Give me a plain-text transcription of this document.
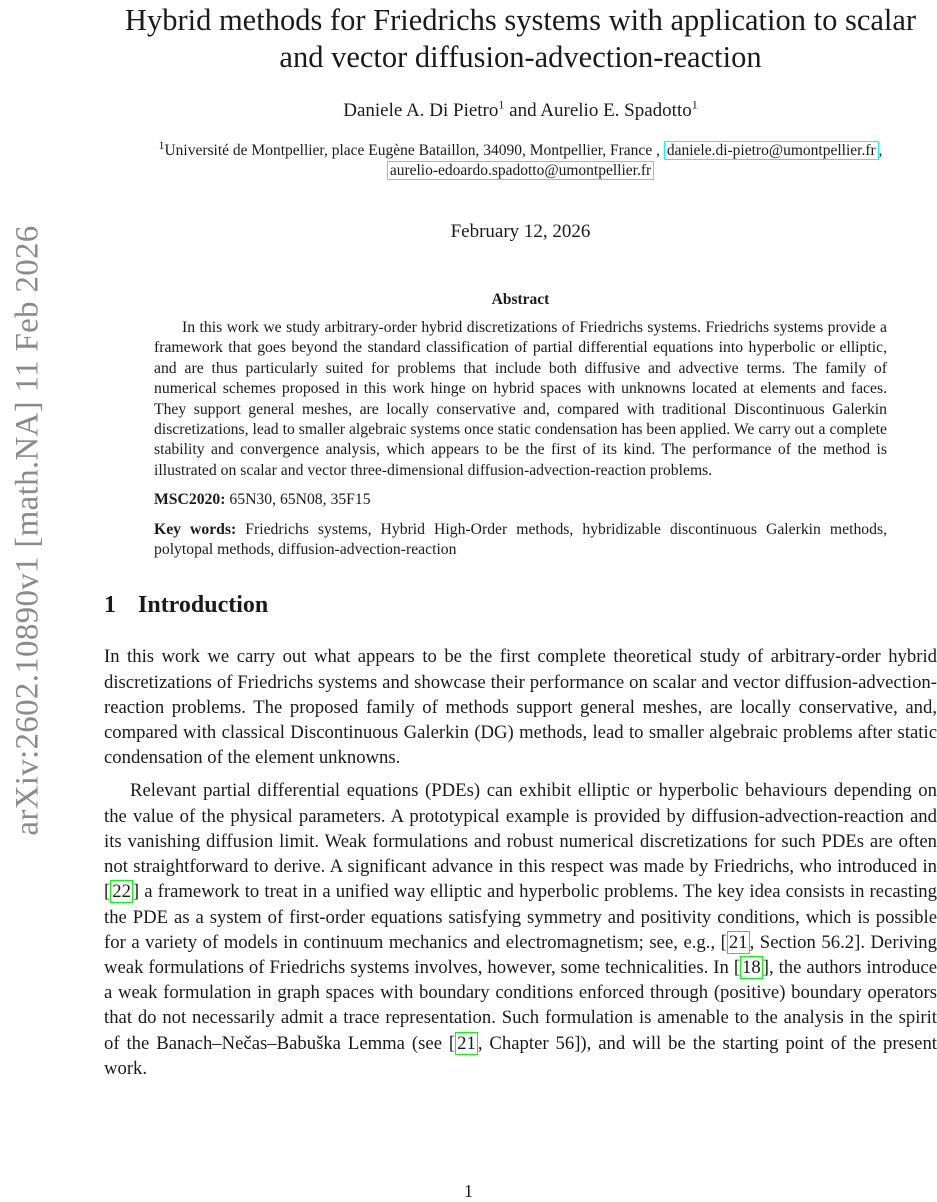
arXiv:2602.10890v1 [math.NA] 11 Feb 2026
Hybrid methods for Friedrichs systems with application to scalar and vector diffusion-advection-reaction
Daniele A. Di Pietro$^1$ and Aurelio E. Spadotto$^1$
$^1$Université de Montpellier, place Eugène Bataillon, 34090, Montpellier, France , daniele.di-pietro@umontpellier.fr ,
aurelio-edoardo.spadotto@umontpellier.fr
February 12, 2026
Abstract

In this work we study arbitrary-order hybrid discretizations of Friedrichs systems. Friedrichs systems provide a framework that goes beyond the standard classification of partial differential equations into hyperbolic or elliptic, and are thus particularly suited for problems that include both diffusive and advective terms. The family of numerical schemes proposed in this work hinge on hybrid spaces with unknowns located at elements and faces. They support general meshes, are locally conservative and, compared with traditional Discontinuous Galerkin discretizations, lead to smaller algebraic systems once static condensation has been applied. We carry out a complete stability and convergence analysis, which appears to be the first of its kind. The performance of the method is illustrated on scalar and vector three-dimensional diffusion-advection-reaction problems.

MSC2020: 65N30, 65N08, 35F15
Key words: Friedrichs systems, Hybrid High-Order methods, hybridizable discontinuous Galerkin methods, polytopal methods, diffusion-advection-reaction
1 Introduction

In this work we carry out what appears to be the first complete theoretical study of arbitrary-order hybrid discretizations of Friedrichs systems and showcase their performance on scalar and vector diffusion-advection-reaction problems. The proposed family of methods support general meshes, are locally conservative, and, compared with classical Discontinuous Galerkin (DG) methods, lead to smaller algebraic problems after static condensation of the element unknowns.

Relevant partial differential equations (PDEs) can exhibit elliptic or hyperbolic behaviours depending on the value of the physical parameters. A prototypical example is provided by diffusion-advection-reaction and its vanishing diffusion limit. Weak formulations and robust numerical discretizations for such PDEs are often not straightforward to derive. A significant advance in this respect was made by Friedrichs, who introduced in [ 22 ] a framework to treat in a unified way elliptic and hyperbolic problems. The key idea consists in recasting the PDE as a system of first-order equations satisfying symmetry and positivity conditions, which is possible for a variety of models in continuum mechanics and electromagnetism; see, e.g., [ 21 , Section 56.2]. Deriving weak formulations of Friedrichs systems involves, however, some technicalities. In [ 18 ], the authors introduce a weak formulation in graph spaces with boundary conditions enforced through (positive) boundary operators that do not necessarily admit a trace representation. Such formulation is amenable to the analysis in the spirit of the Banach–Nečas–Babuška Lemma (see [ 21 , Chapter 56]), and will be the starting point of the present work.

1
